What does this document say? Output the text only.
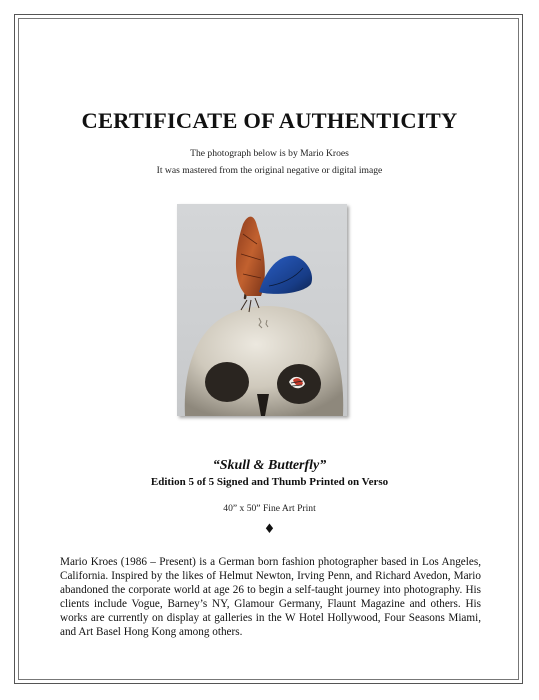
CERTIFICATE OF AUTHENTICITY
The photograph below is by Mario Kroes
It was mastered from the original negative or digital image
“Skull & Butterfly”
Edition 5 of 5 Signed and Thumb Printed on Verso
40” x 50” Fine Art Print
♦
Mario Kroes (1986 – Present) is a German born fashion photographer based in Los Angeles, California. Inspired by the likes of Helmut Newton, Irving Penn, and Richard Avedon, Mario abandoned the corporate world at age 26 to begin a self-taught journey into photography. His clients include Vogue, Barney’s NY, Glamour Germany, Flaunt Magazine and others. His works are currently on display at galleries in the W Hotel Hollywood, Four Seasons Miami, and Art Basel Hong Kong among others.
